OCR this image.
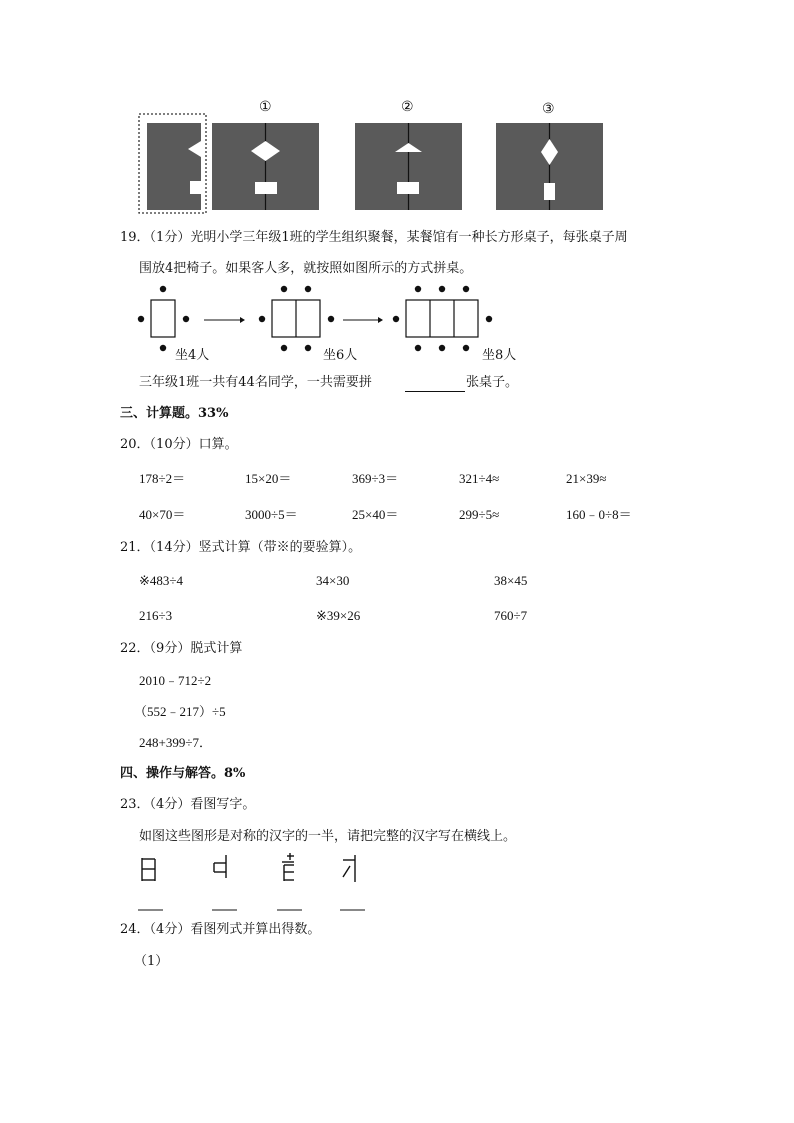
①	②	③
19．（1分）光明小学三年级1班的学生组织聚餐，某餐馆有一种长方形桌子，每张桌子周
围放4把椅子。如果客人多，就按照如图所示的方式拼桌。
坐4人	坐6人	坐8人
三年级1班一共有44名同学，一共需要拼	张桌子。
三、计算题。33%
20．（10分）口算。
178÷2＝	15×20＝	369÷3＝	321÷4≈	21×39≈
40×70＝	3000÷5＝	25×40＝	299÷5≈	160﹣0÷8＝
21．（14分）竖式计算（带※的要验算）。
※483÷4	34×30	38×45
216÷3	※39×26	760÷7
22．（9分）脱式计算
2010﹣712÷2
（552﹣217）÷5
248+399÷7．
四、操作与解答。8%
23．（4分）看图写字。
如图这些图形是对称的汉字的一半，请把完整的汉字写在横线上。
24．（4分）看图列式并算出得数。
（1）
